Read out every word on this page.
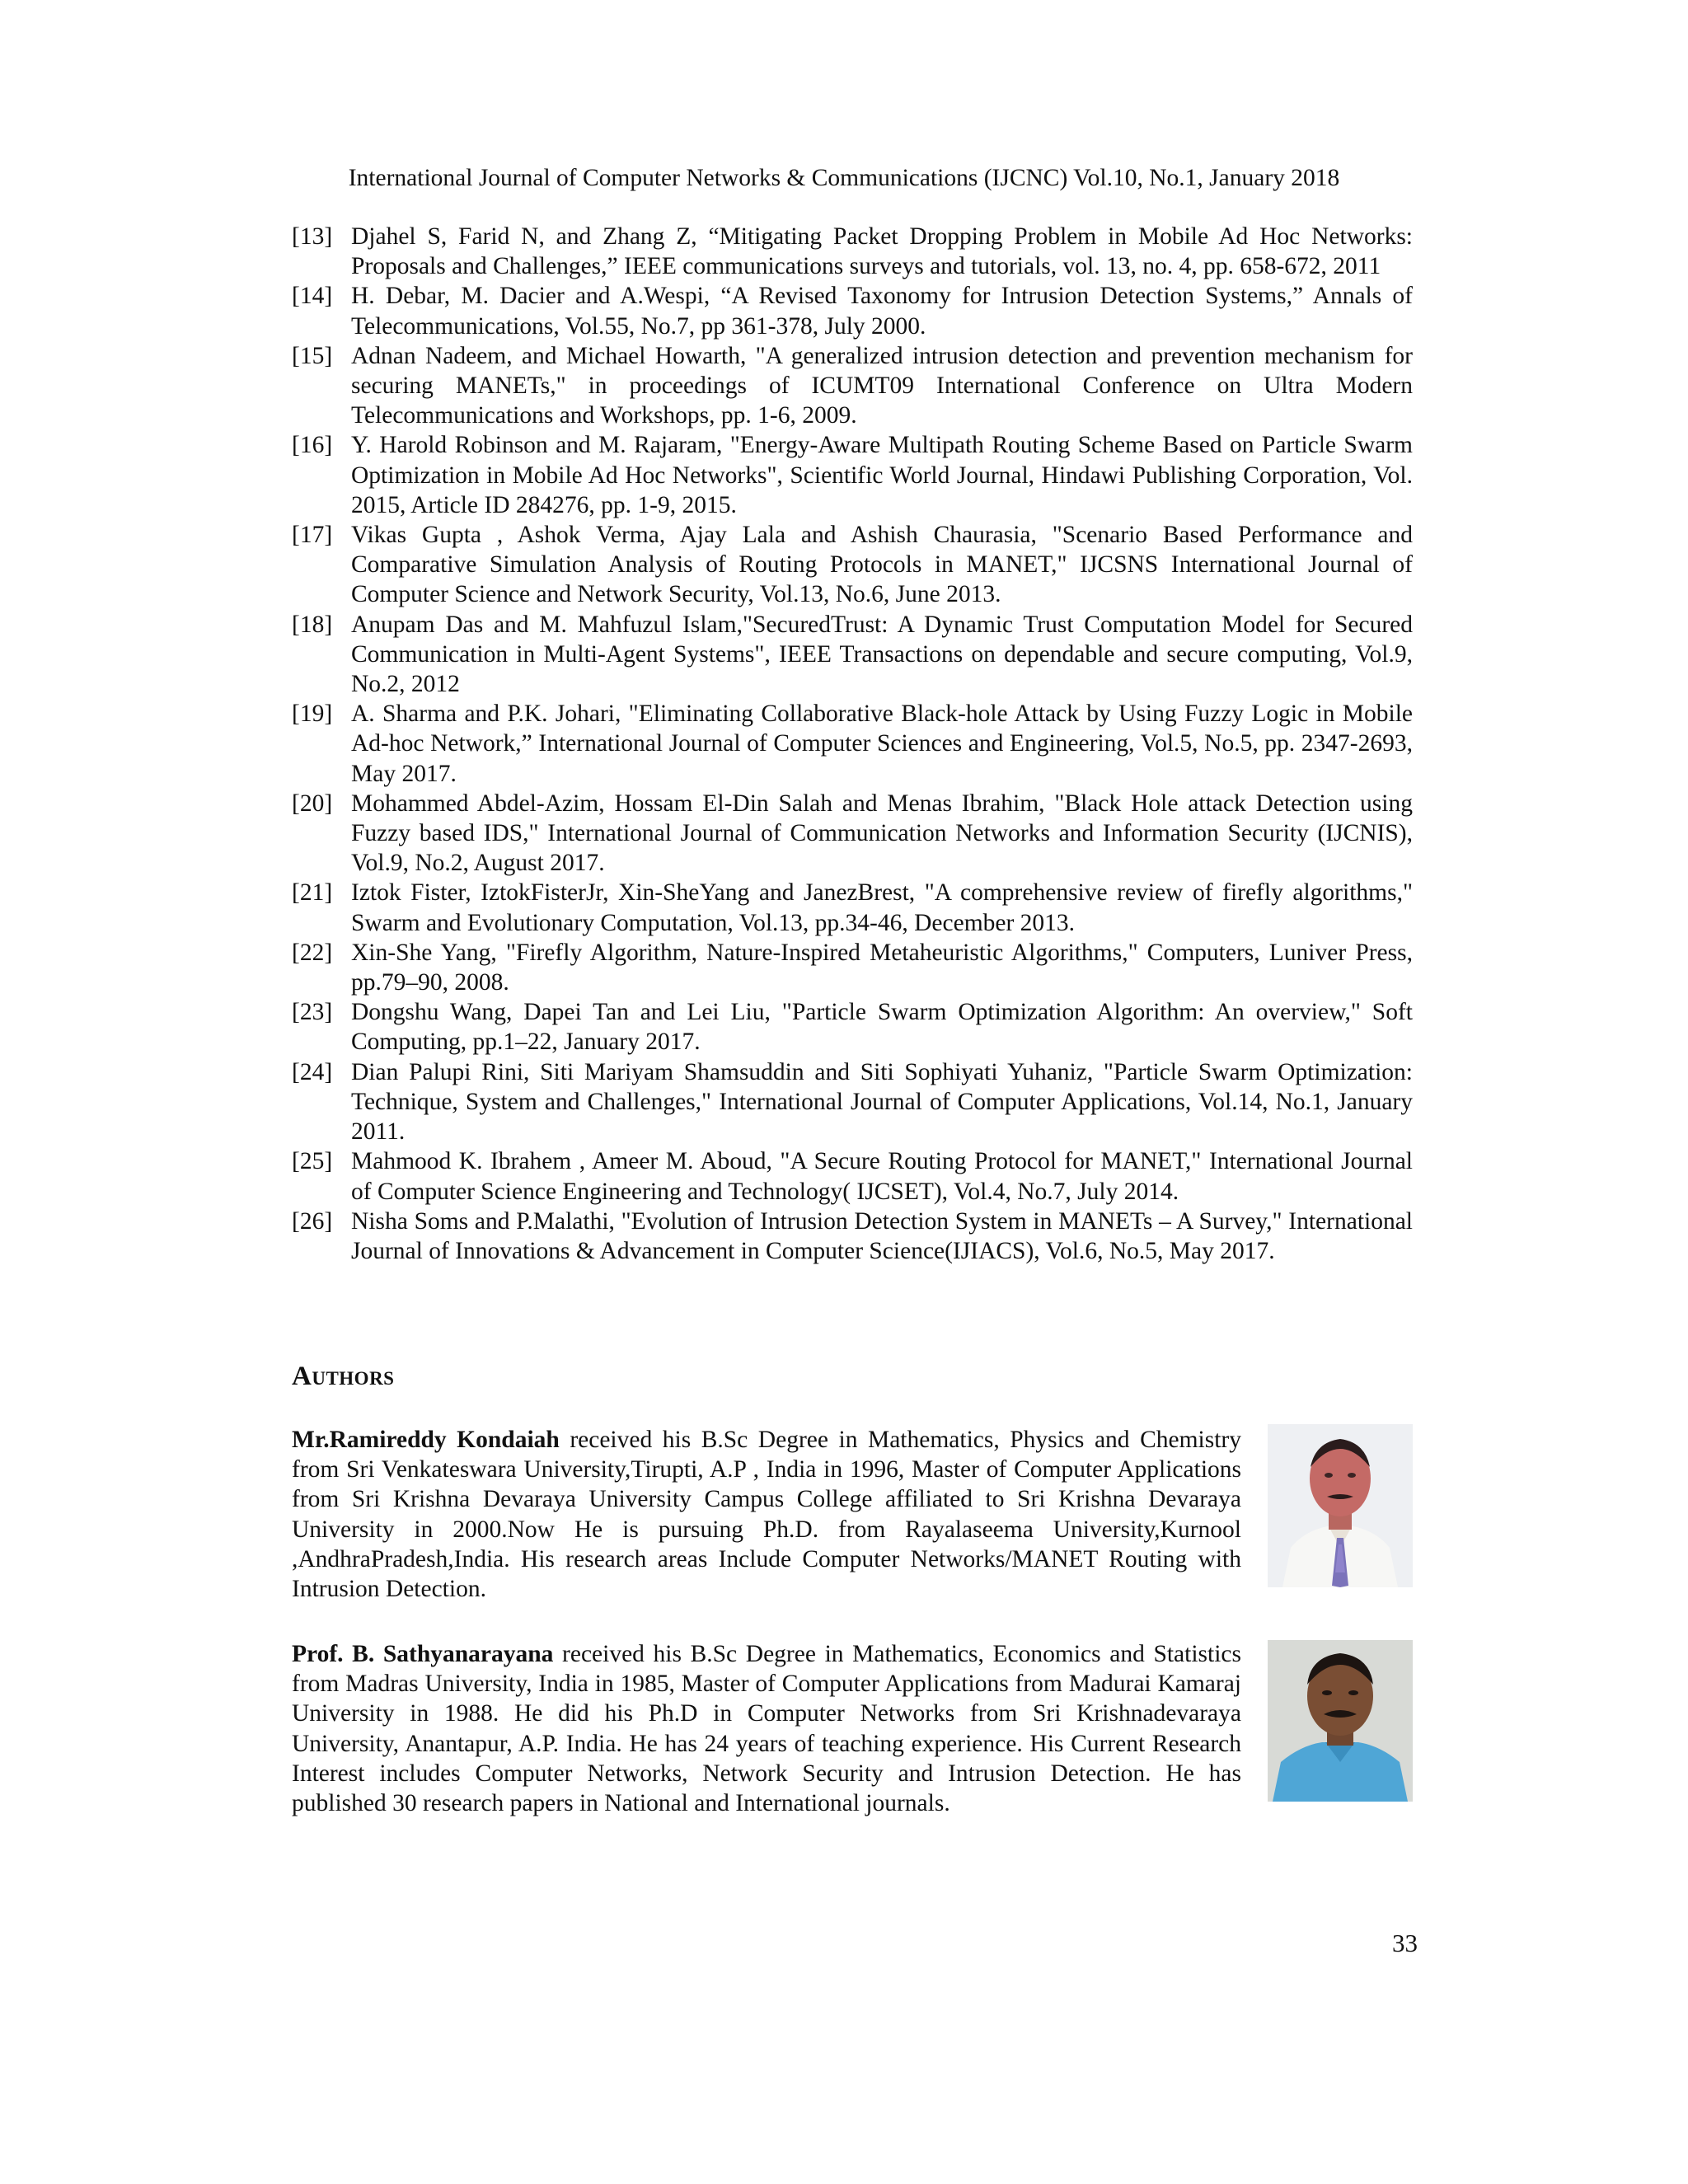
International Journal of Computer Networks & Communications (IJCNC) Vol.10, No.1, January 2018
[13] Djahel S, Farid N, and Zhang Z, “Mitigating Packet Dropping Problem in Mobile Ad Hoc Networks: Proposals and Challenges,” IEEE communications surveys and tutorials, vol. 13, no. 4, pp. 658-672, 2011
[14] H. Debar, M. Dacier and A.Wespi, “A Revised Taxonomy for Intrusion Detection Systems,” Annals of Telecommunications, Vol.55, No.7, pp 361-378, July 2000.
[15] Adnan Nadeem, and Michael Howarth, "A generalized intrusion detection and prevention mechanism for securing MANETs," in proceedings of ICUMT09 International Conference on Ultra Modern Telecommunications and Workshops, pp. 1-6, 2009.
[16] Y. Harold Robinson and M. Rajaram, "Energy-Aware Multipath Routing Scheme Based on Particle Swarm Optimization in Mobile Ad Hoc Networks", Scientific World Journal, Hindawi Publishing Corporation, Vol. 2015, Article ID 284276, pp. 1-9, 2015.
[17] Vikas Gupta , Ashok Verma, Ajay Lala and Ashish Chaurasia, "Scenario Based Performance and Comparative Simulation Analysis of Routing Protocols in MANET," IJCSNS International Journal of Computer Science and Network Security, Vol.13, No.6, June 2013.
[18] Anupam Das and M. Mahfuzul Islam,"SecuredTrust: A Dynamic Trust Computation Model for Secured Communication in Multi-Agent Systems", IEEE Transactions on dependable and secure computing, Vol.9, No.2, 2012
[19] A. Sharma and P.K. Johari, "Eliminating Collaborative Black-hole Attack by Using Fuzzy Logic in Mobile Ad-hoc Network,” International Journal of Computer Sciences and Engineering, Vol.5, No.5, pp. 2347-2693, May 2017.
[20] Mohammed Abdel-Azim, Hossam El-Din Salah and Menas Ibrahim, "Black Hole attack Detection using Fuzzy based IDS," International Journal of Communication Networks and Information Security (IJCNIS), Vol.9, No.2, August 2017.
[21] Iztok Fister, IztokFisterJr, Xin-SheYang and JanezBrest, "A comprehensive review of firefly algorithms," Swarm and Evolutionary Computation, Vol.13, pp.34-46, December 2013.
[22] Xin-She Yang, "Firefly Algorithm, Nature-Inspired Metaheuristic Algorithms," Computers, Luniver Press, pp.79–90, 2008.
[23] Dongshu Wang, Dapei Tan and Lei Liu, "Particle Swarm Optimization Algorithm: An overview," Soft Computing, pp.1–22, January 2017.
[24] Dian Palupi Rini, Siti Mariyam Shamsuddin and Siti Sophiyati Yuhaniz, "Particle Swarm Optimization: Technique, System and Challenges," International Journal of Computer Applications, Vol.14, No.1, January 2011.
[25] Mahmood K. Ibrahem , Ameer M. Aboud, "A Secure Routing Protocol for MANET," International Journal of Computer Science Engineering and Technology( IJCSET), Vol.4, No.7, July 2014.
[26] Nisha Soms and P.Malathi, "Evolution of Intrusion Detection System in MANETs – A Survey," International Journal of Innovations & Advancement in Computer Science(IJIACS), Vol.6, No.5, May 2017.
Authors
Mr.Ramireddy Kondaiah received his B.Sc Degree in Mathematics, Physics and Chemistry from Sri Venkateswara University,Tirupti, A.P , India in 1996, Master of Computer Applications from Sri Krishna Devaraya University Campus College affiliated to Sri Krishna Devaraya University in 2000.Now He is pursuing Ph.D. from Rayalaseema University,Kurnool ,AndhraPradesh,India. His research areas Include Computer Networks/MANET Routing with Intrusion Detection.
Prof. B. Sathyanarayana received his B.Sc Degree in Mathematics, Economics and Statistics from Madras University, India in 1985, Master of Computer Applications from Madurai Kamaraj University in 1988. He did his Ph.D in Computer Networks from Sri Krishnadevaraya University, Anantapur, A.P. India. He has 24 years of teaching experience. His Current Research Interest includes Computer Networks, Network Security and Intrusion Detection. He has published 30 research papers in National and International journals.
33
